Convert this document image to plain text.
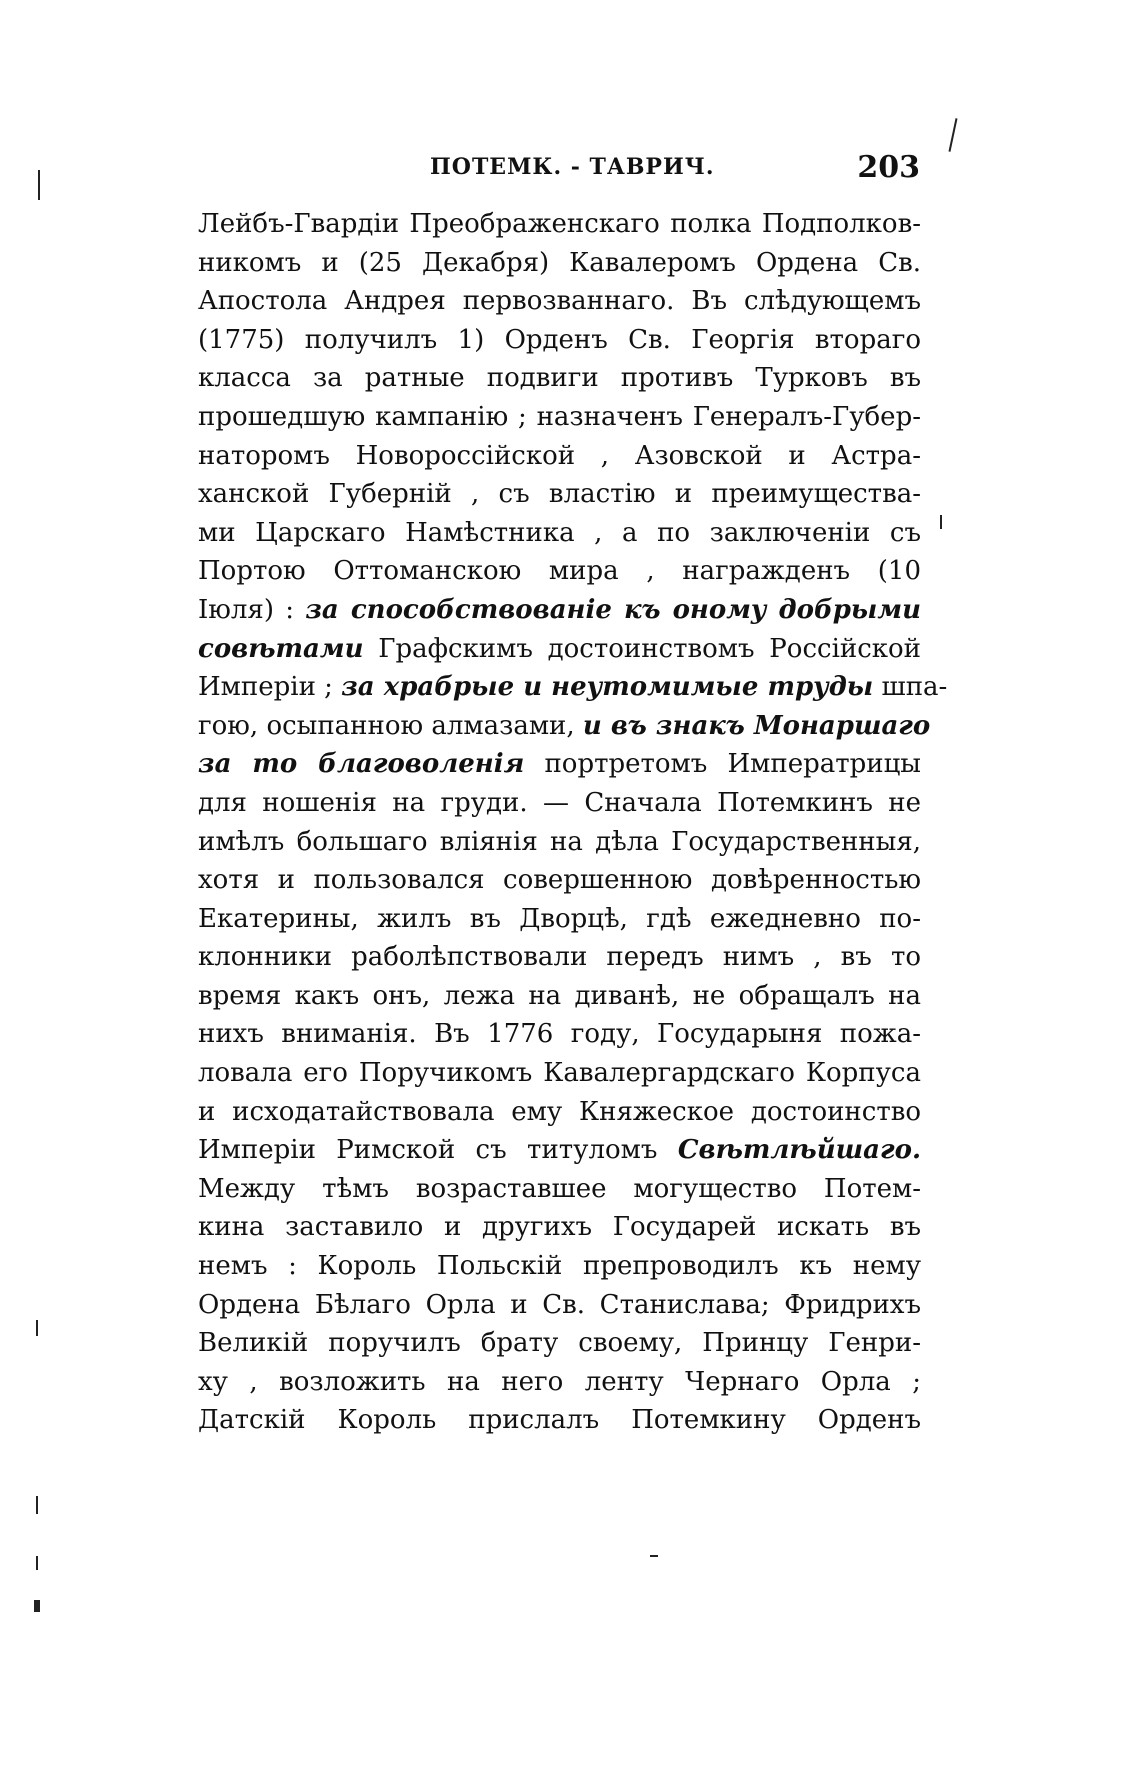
ПОТЕМК. - ТАВРИЧ.	203
Лейбъ-Гвардіи Преображенскаго полка Подполков-
никомъ и (25 Декабря) Кавалеромъ Ордена Св.
Апостола Андрея первозваннаго. Въ слѣдующемъ
(1775) получилъ 1) Орденъ Св. Георгія втораго
класса за ратные подвиги противъ Турковъ въ
прошедшую кампанію ; назначенъ Генералъ-Губер-
наторомъ Новороссійской , Азовской и Астра-
ханской Губерній , съ властію и преимущества-
ми Царскаго Намѣстника , а по заключеніи съ
Портою Оттоманскою мира , награжденъ (10
Іюля) : за способствованіе къ оному добрыми
совѣтами Графскимъ достоинствомъ Россійской
Имперіи ; за храбрые и неутомимые труды шпа-
гою, осыпанною алмазами, и въ знакъ Монаршаго
за то благоволенія портретомъ Императрицы
для ношенія на груди. — Сначала Потемкинъ не
имѣлъ большаго вліянія на дѣла Государственныя,
хотя и пользовался совершенною довѣренностью
Екатерины, жилъ въ Дворцѣ, гдѣ ежедневно по-
клонники раболѣпствовали передъ нимъ , въ то
время какъ онъ, лежа на диванѣ, не обращалъ на
нихъ вниманія. Въ 1776 году, Государыня пожа-
ловала его Поручикомъ Кавалергардскаго Корпуса
и исходатайствовала ему Княжеское достоинство
Имперіи Римской съ титуломъ Свѣтлѣйшаго.
Между тѣмъ возраставшее могущество Потем-
кина заставило и другихъ Государей искать въ
немъ : Король Польскій препроводилъ къ нему
Ордена Бѣлаго Орла и Св. Станислава; Фридрихъ
Великій поручилъ брату своему, Принцу Генри-
ху , возложить на него ленту Чернаго Орла ;
Датскій Король прислалъ Потемкину Орденъ
